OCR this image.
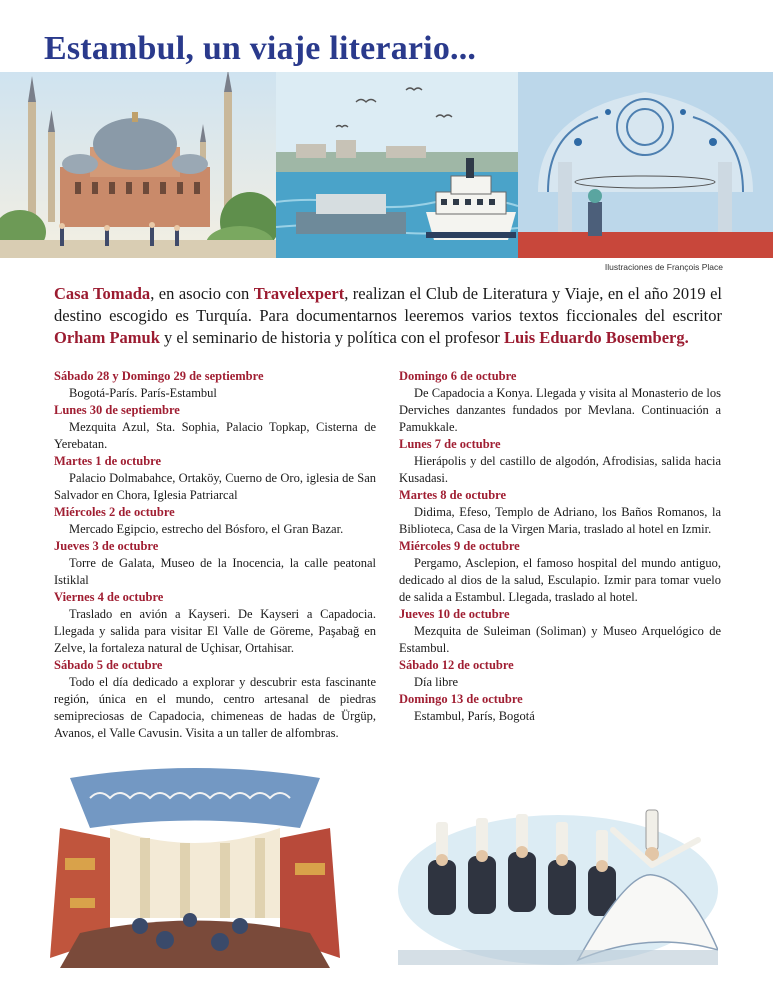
Estambul, un viaje literario...
Ilustraciones de François Place

Casa Tomada, en asocio con Travelexpert, realizan el Club de Literatura y Viaje, en el año 2019 el destino escogido es Turquía. Para documentarnos leeremos varios textos ficcionales del escritor Orham Pamuk y el seminario de historia y política con el profesor Luis Eduardo Bosemberg.

Sábado 28 y Domingo 29 de septiembre
Bogotá-París. París-Estambul
Lunes 30 de septiembre
Mezquita Azul, Sta. Sophia, Palacio Topkap, Cisterna de Yerebatan.
Martes 1 de octubre
Palacio Dolmabahce, Ortaköy, Cuerno de Oro, iglesia de San Salvador en Chora, Iglesia Patriarcal
Miércoles 2 de octubre
Mercado Egipcio, estrecho del Bósforo, el Gran Bazar.
Jueves 3 de octubre
Torre de Galata, Museo de la Inocencia, la calle peatonal Istiklal
Viernes 4 de octubre
Traslado en avión a Kayseri. De Kayseri a Capadocia. Llegada y salida para visitar El Valle de Göreme, Paşabağ en Zelve, la fortaleza natural de Uçhisar, Ortahisar.
Sábado 5 de octubre
Todo el día dedicado a explorar y descubrir esta fascinante región, única en el mundo, centro artesanal de piedras semipreciosas de Capadocia, chimeneas de hadas de Ürgüp, Avanos, el Valle Cavusin. Visita a un taller de alfombras.
Domingo 6 de octubre
De Capadocia a Konya. Llegada y visita al Monasterio de los Derviches danzantes fundados por Mevlana. Continuación a Pamukkale.
Lunes 7 de octubre
Hierápolis y del castillo de algodón, Afrodisias, salida hacia Kusadasi.
Martes 8 de octubre
Didima, Efeso, Templo de Adriano, los Baños Romanos, la Biblioteca, Casa de la Virgen Maria, traslado al hotel en Izmir.
Miércoles 9 de octubre
Pergamo, Asclepion, el famoso hospital del mundo antiguo, dedicado al dios de la salud, Esculapio. Izmir para tomar vuelo de salida a Estambul. Llegada, traslado al hotel.
Jueves 10 de octubre
Mezquita de Suleiman (Soliman) y Museo Arquelógico de Estambul.
Sábado 12 de octubre
Día libre
Domingo 13 de octubre
Estambul, París, Bogotá
